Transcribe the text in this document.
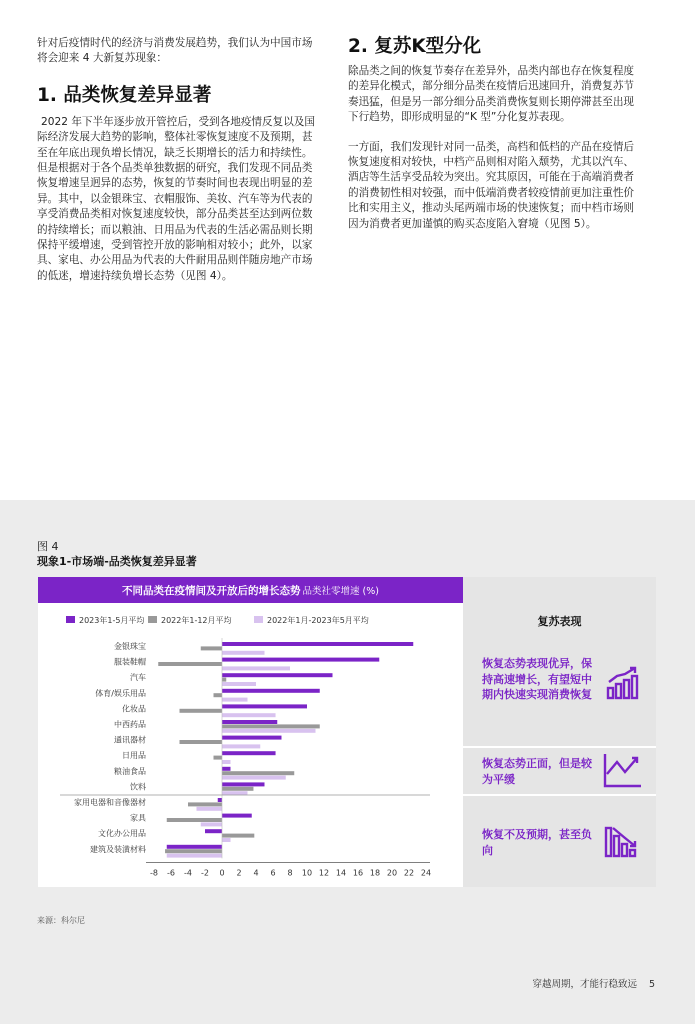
针对后疫情时代的经济与消费发展趋势，我们认为中国市场将会迎来 4 大新复苏现象：

1. 品类恢复差异显著

2022 年下半年逐步放开管控后，受到各地疫情反复以及国际经济发展大趋势的影响，整体社零恢复速度不及预期，甚至在年底出现负增长情况，缺乏长期增长的活力和持续性。但是根据对于各个品类单独数据的研究，我们发现不同品类恢复增速呈迥异的态势，恢复的节奏时间也表现出明显的差异。其中，以金银珠宝、衣帽服饰、美妆、汽车等为代表的享受消费品类相对恢复速度较快，部分品类甚至达到两位数的持续增长；而以粮油、日用品为代表的生活必需品则长期保持平缓增速，受到管控开放的影响相对较小；此外，以家具、家电、办公用品为代表的大件耐用品则伴随房地产市场的低迷，增速持续负增长态势（见图 4）。

2. 复苏K型分化

除品类之间的恢复节奏存在差异外，品类内部也存在恢复程度的差异化模式，部分细分品类在疫情后迅速回升，消费复苏节奏迅猛，但是另一部分细分品类消费恢复则长期停滞甚至出现下行趋势，即形成明显的“K 型”分化复苏表现。

一方面，我们发现针对同一品类，高档和低档的产品在疫情后恢复速度相对较快，中档产品则相对陷入颓势，尤其以汽车、酒店等生活享受品较为突出。究其原因，可能在于高端消费者的消费韧性相对较强，而中低端消费者较疫情前更加注重性价比和实用主义，推动头尾两端市场的快速恢复；而中档市场则因为消费者更加谨慎的购买态度陷入窘境（见图 5）。

图 4
现象1-市场端-品类恢复差异显著
不同品类在疫情间及开放后的增长态势 品类社零增速 (%)
2023年1-5月平均 2022年1-12月平均	2022年1月-2023年5月平均
金银珠宝
服装鞋帽
汽车
体育/娱乐用品
化妆品
中西药品
通讯器材
日用品
粮油食品
饮料
家用电器和音像器材
家具
文化办公用品
建筑及装潢材料
-8 -6 -4 -2 0 2 4 6 8 10 12 14 16 18 20 22 24
复苏表现
恢复态势表现优异，保持高速增长，有望短中期内快速实现消费恢复
恢复态势正面，但是较为平缓
恢复不及预期，甚至负向
来源：科尔尼
穿越周期，才能行稳致远 5
